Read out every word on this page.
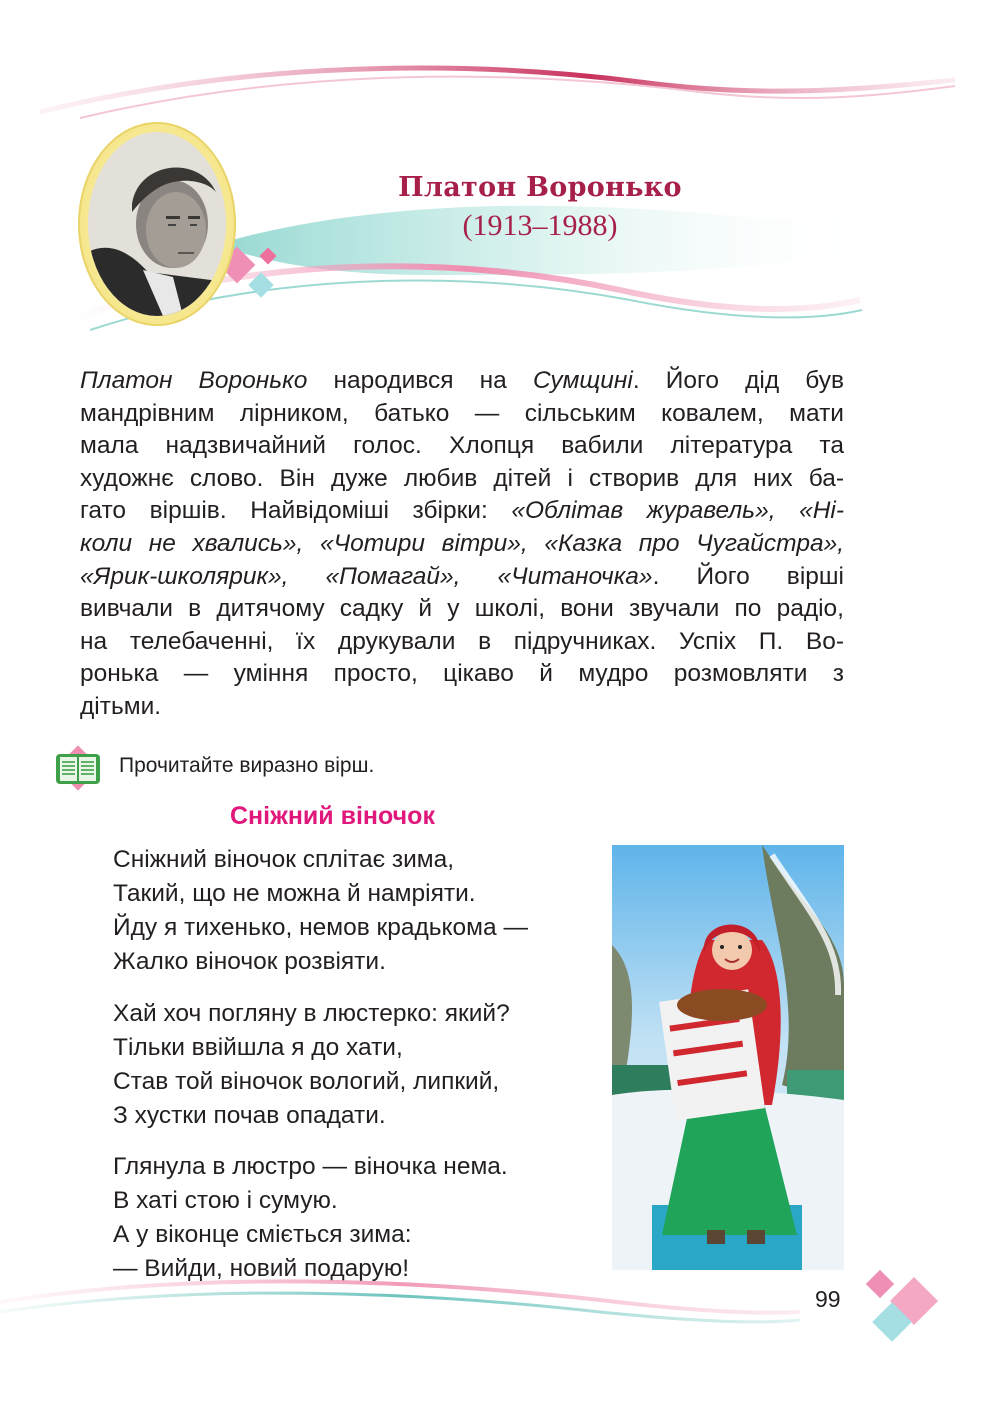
Платон Воронько
(1913–1988)
Платон Воронько народився на Сумщині. Його дід був
мандрівним лірником, батько — сільським ковалем, мати
мала надзвичайний голос. Хлопця вабили література та
художнє слово. Він дуже любив дітей і створив для них ба-
гато віршів. Найвідоміші збірки: «Облітав журавель», «Ні-
коли не хвались», «Чотири вітри», «Казка про Чугайстра»,
«Ярик-школярик», «Помагай», «Читаночка». Його вірші
вивчали в дитячому садку й у школі, вони звучали по радіо,
на телебаченні, їх друкували в підручниках. Успіх П. Во-
ронька — уміння просто, цікаво й мудро розмовляти з
дітьми.
Прочитайте виразно вірш.
Сніжний віночок
Сніжний віночок сплітає зима,
Такий, що не можна й намріяти.
Йду я тихенько, немов крадькома —
Жалко віночок розвіяти.
Хай хоч погляну в люстерко: який?
Тільки ввійшла я до хати,
Став той віночок вологий, липкий,
З хустки почав опадати.
Глянула в люстро — віночка нема.
В хаті стою і сумую.
А у віконце сміється зима:
— Вийди, новий подарую!
99
